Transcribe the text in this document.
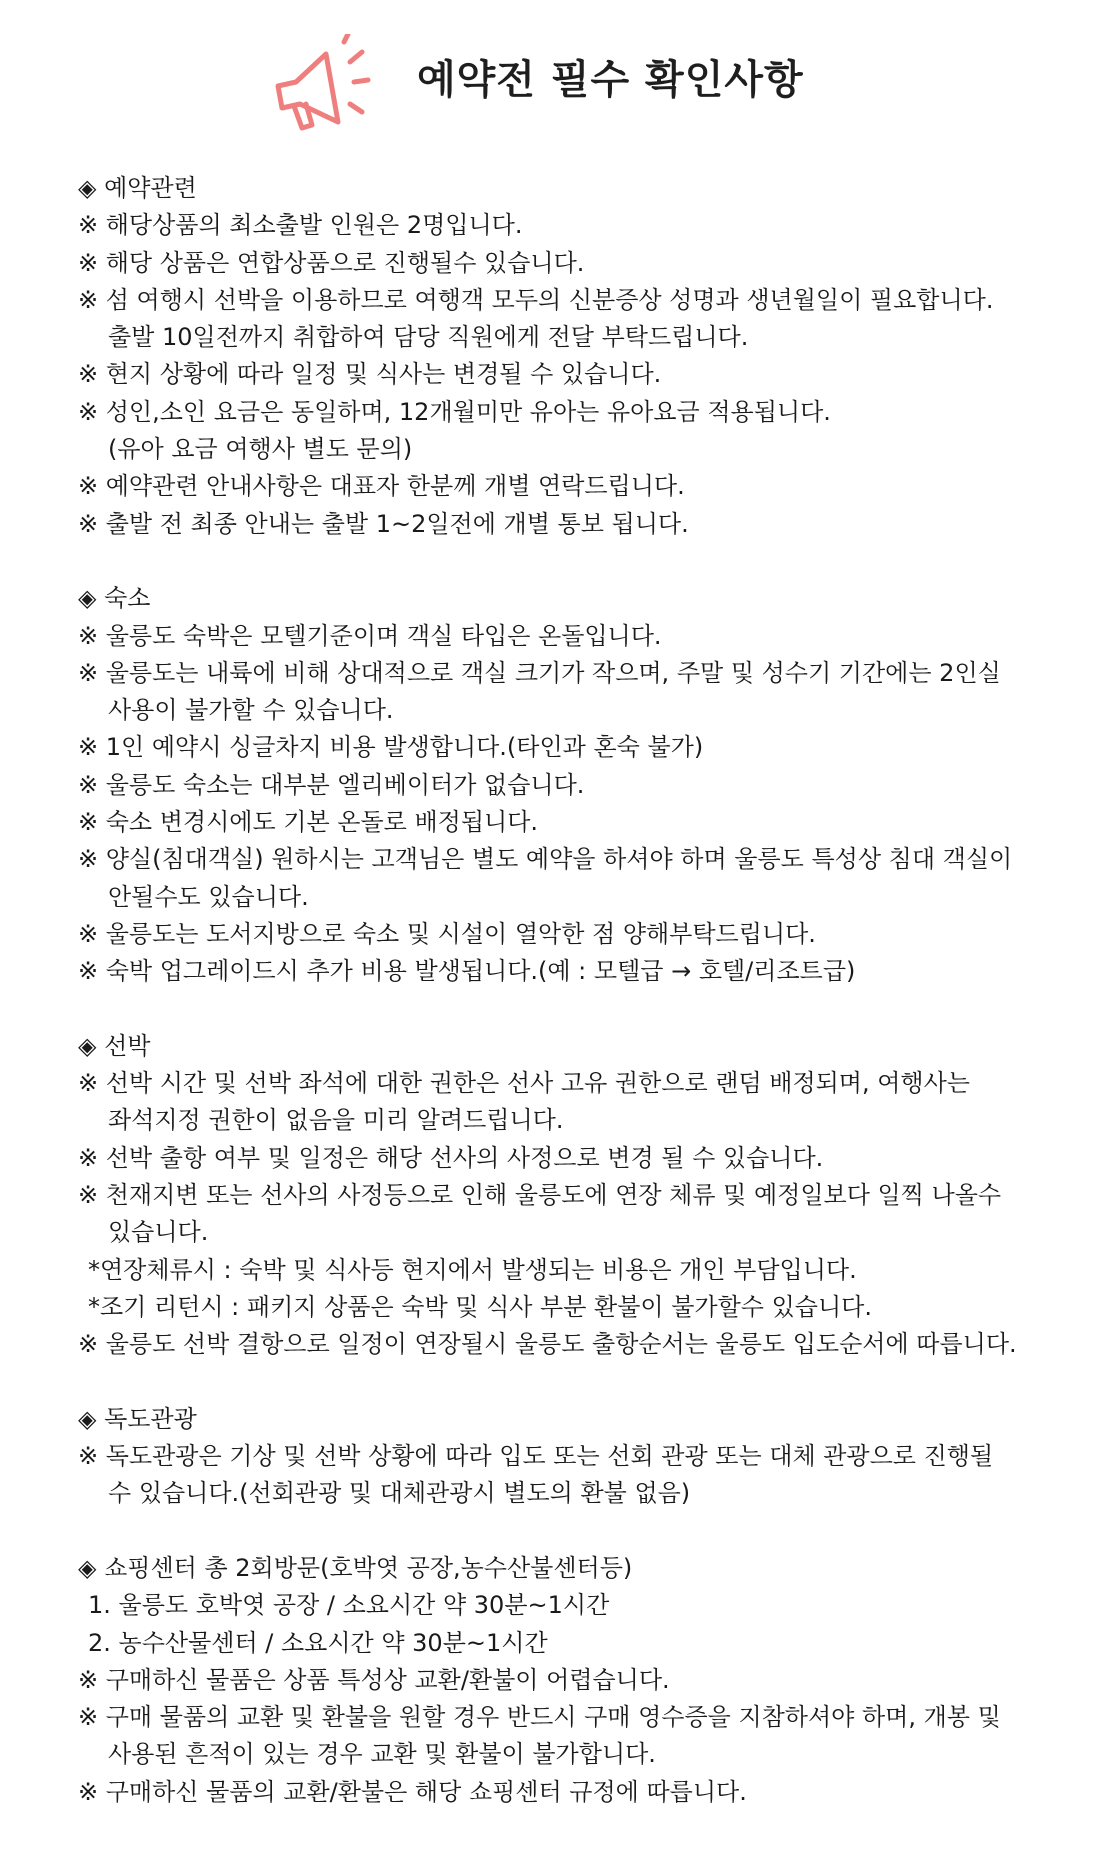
예약전 필수 확인사항
◈ 예약관련
※ 해당상품의 최소출발 인원은 2명입니다.
※ 해당 상품은 연합상품으로 진행될수 있습니다.
※ 섬 여행시 선박을 이용하므로 여행객 모두의 신분증상 성명과 생년월일이 필요합니다.
출발 10일전까지 취합하여 담당 직원에게 전달 부탁드립니다.
※ 현지 상황에 따라 일정 및 식사는 변경될 수 있습니다.
※ 성인,소인 요금은 동일하며, 12개월미만 유아는 유아요금 적용됩니다.
(유아 요금 여행사 별도 문의)
※ 예약관련 안내사항은 대표자 한분께 개별 연락드립니다.
※ 출발 전 최종 안내는 출발 1~2일전에 개별 통보 됩니다.
◈ 숙소
※ 울릉도 숙박은 모텔기준이며 객실 타입은 온돌입니다.
※ 울릉도는 내륙에 비해 상대적으로 객실 크기가 작으며, 주말 및 성수기 기간에는 2인실
사용이 불가할 수 있습니다.
※ 1인 예약시 싱글차지 비용 발생합니다.(타인과 혼숙 불가)
※ 울릉도 숙소는 대부분 엘리베이터가 없습니다.
※ 숙소 변경시에도 기본 온돌로 배정됩니다.
※ 양실(침대객실) 원하시는 고객님은 별도 예약을 하셔야 하며 울릉도 특성상 침대 객실이
안될수도 있습니다.
※ 울릉도는 도서지방으로 숙소 및 시설이 열악한 점 양해부탁드립니다.
※ 숙박 업그레이드시 추가 비용 발생됩니다.(예 : 모텔급 → 호텔/리조트급)
◈ 선박
※ 선박 시간 및 선박 좌석에 대한 권한은 선사 고유 권한으로 랜덤 배정되며, 여행사는
좌석지정 권한이 없음을 미리 알려드립니다.
※ 선박 출항 여부 및 일정은 해당 선사의 사정으로 변경 될 수 있습니다.
※ 천재지변 또는 선사의 사정등으로 인해 울릉도에 연장 체류 및 예정일보다 일찍 나올수
있습니다.
*연장체류시 : 숙박 및 식사등 현지에서 발생되는 비용은 개인 부담입니다.
*조기 리턴시 : 패키지 상품은 숙박 및 식사 부분 환불이 불가할수 있습니다.
※ 울릉도 선박 결항으로 일정이 연장될시 울릉도 출항순서는 울릉도 입도순서에 따릅니다.
◈ 독도관광
※ 독도관광은 기상 및 선박 상황에 따라 입도 또는 선회 관광 또는 대체 관광으로 진행될
수 있습니다.(선회관광 및 대체관광시 별도의 환불 없음)
◈ 쇼핑센터 총 2회방문(호박엿 공장,농수산불센터등)
1. 울릉도 호박엿 공장 / 소요시간 약 30분~1시간
2. 농수산물센터 / 소요시간 약 30분~1시간
※ 구매하신 물품은 상품 특성상 교환/환불이 어렵습니다.
※ 구매 물품의 교환 및 환불을 원할 경우 반드시 구매 영수증을 지참하셔야 하며, 개봉 및
사용된 흔적이 있는 경우 교환 및 환불이 불가합니다.
※ 구매하신 물품의 교환/환불은 해당 쇼핑센터 규정에 따릅니다.
